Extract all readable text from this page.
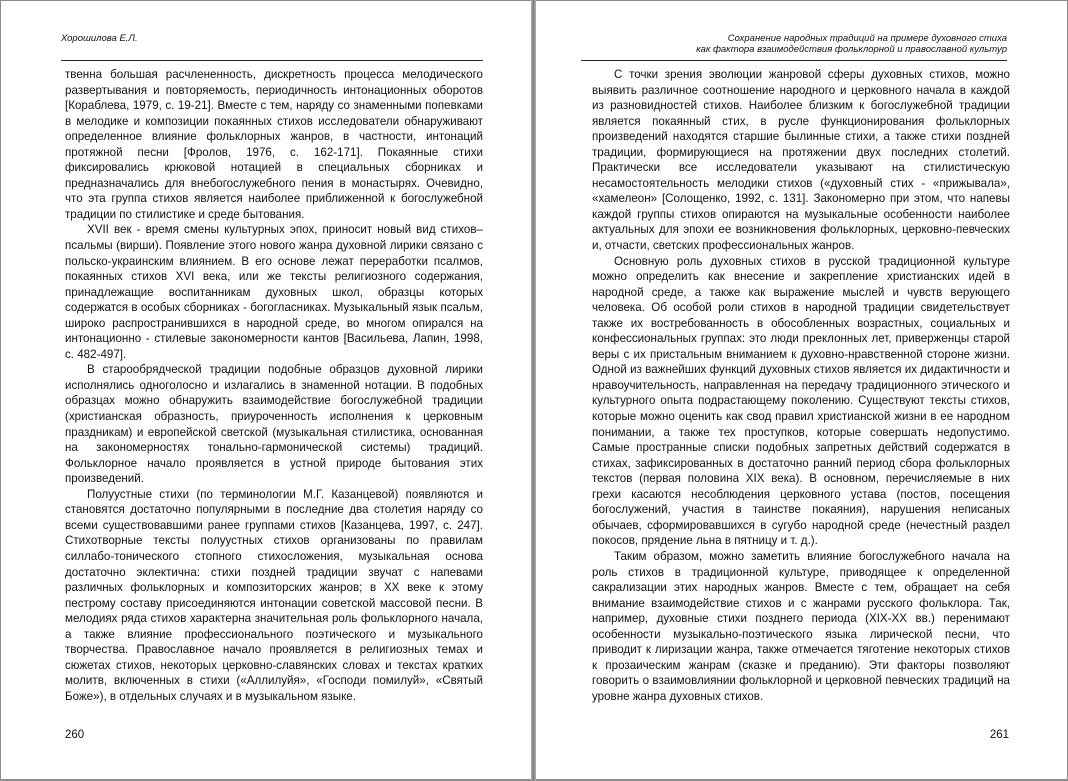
Хорошилова Е.Л.

твенна большая расчлененность, дискретность процесса мелодического развертывания и повторяемость, периодичность интонационных оборотов [Кораблева, 1979, с. 19-21]. Вместе с тем, наряду со знаменными попевками в мелодике и композиции покаянных стихов исследователи обнаруживают определенное влияние фольклорных жанров, в частности, интонаций протяжной песни [Фролов, 1976, с. 162-171]. Покаянные стихи фиксировались крюковой нотацией в специальных сборниках и предназначались для внебогослужебного пения в монастырях. Очевидно, что эта группа стихов является наиболее приближенной к богослужебной традиции по стилистике и среде бытования.

XVII век - время смены культурных эпох, приносит новый вид стихов– псальмы (вирши). Появление этого нового жанра духовной лирики связано с польско-украинским влиянием. В его основе лежат переработки псалмов, покаянных стихов XVI века, или же тексты религиозного содержания, принадлежащие воспитанникам духовных школ, образцы которых содержатся в особых сборниках - богогласниках. Музыкальный язык псальм, широко распространившихся в народной среде, во многом опирался на интонационно - стилевые закономерности кантов [Васильева, Лапин, 1998, с. 482-497].

В старообрядческой традиции подобные образцов духовной лирики исполнялись одноголосно и излагались в знаменной нотации. В подобных образцах можно обнаружить взаимодействие богослужебной традиции (христианская образность, приуроченность исполнения к церковным праздникам) и европейской светской (музыкальная стилистика, основанная на закономерностях тонально-гармонической системы) традиций. Фольклорное начало проявляется в устной природе бытования этих произведений.

Полуустные стихи (по терминологии М.Г. Казанцевой) появляются и становятся достаточно популярными в последние два столетия наряду со всеми существовавшими ранее группами стихов [Казанцева, 1997, с. 247]. Стихотворные тексты полуустных стихов организованы по правилам силлабо-тонического стопного стихосложения, музыкальная основа достаточно эклектична: стихи поздней традиции звучат с напевами различных фольклорных и композиторских жанров; в XX веке к этому пестрому составу присоединяются интонации советской массовой песни. В мелодиях ряда стихов характерна значительная роль фольклорного начала, а также влияние профессионального поэтического и музыкального творчества. Православное начало проявляется в религиозных темах и сюжетах стихов, некоторых церковно-славянских словах и текстах кратких молитв, включенных в стихи («Аллилуйя», «Господи помилуй», «Святый Боже»), в отдельных случаях и в музыкальном языке.

260
Сохранение народных традиций на примере духовного стиха
как фактора взаимодействия фольклорной и православной культур

С точки зрения эволюции жанровой сферы духовных стихов, можно выявить различное соотношение народного и церковного начала в каждой из разновидностей стихов. Наиболее близким к богослужебной традиции является покаянный стих, в русле функционирования фольклорных произведений находятся старшие былинные стихи, а также стихи поздней традиции, формирующиеся на протяжении двух последних столетий. Практически все исследователи указывают на стилистическую несамостоятельность мелодики стихов («духовный стих - «прижывала», «хамелеон» [Солощенко, 1992, с. 131]. Закономерно при этом, что напевы каждой группы стихов опираются на музыкальные особенности наиболее актуальных для эпохи ее возникновения фольклорных, церковно-певческих и, отчасти, светских профессиональных жанров.

Основную роль духовных стихов в русской традиционной культуре можно определить как внесение и закрепление христианских идей в народной среде, а также как выражение мыслей и чувств верующего человека. Об особой роли стихов в народной традиции свидетельствует также их востребованность в обособленных возрастных, социальных и конфессиональных группах: это люди преклонных лет, приверженцы старой веры с их пристальным вниманием к духовно-нравственной стороне жизни. Одной из важнейших функций духовных стихов является их дидактичности и нравоучительность, направленная на передачу традиционного этического и культурного опыта подрастающему поколению. Существуют тексты стихов, которые можно оценить как свод правил христианской жизни в ее народном понимании, а также тех проступков, которые совершать недопустимо. Самые пространные списки подобных запретных действий содержатся в стихах, зафиксированных в достаточно ранний период сбора фольклорных текстов (первая половина XIX века). В основном, перечисляемые в них грехи касаются несоблюдения церковного устава (постов, посещения богослужений, участия в таинстве покаяния), нарушения неписаных обычаев, сформировавшихся в сугубо народной среде (нечестный раздел покосов, прядение льна в пятницу и т. д.).

Таким образом, можно заметить влияние богослужебного начала на роль стихов в традиционной культуре, приводящее к определенной сакрализации этих народных жанров. Вместе с тем, обращает на себя внимание взаимодействие стихов и с жанрами русского фольклора. Так, например, духовные стихи позднего периода (XIX-XX вв.) перенимают особенности музыкально-поэтического языка лирической песни, что приводит к лиризации жанра, также отмечается тяготение некоторых стихов к прозаическим жанрам (сказке и преданию). Эти факторы позволяют говорить о взаимовлиянии фольклорной и церковной певческих традиций на уровне жанра духовных стихов.

261
